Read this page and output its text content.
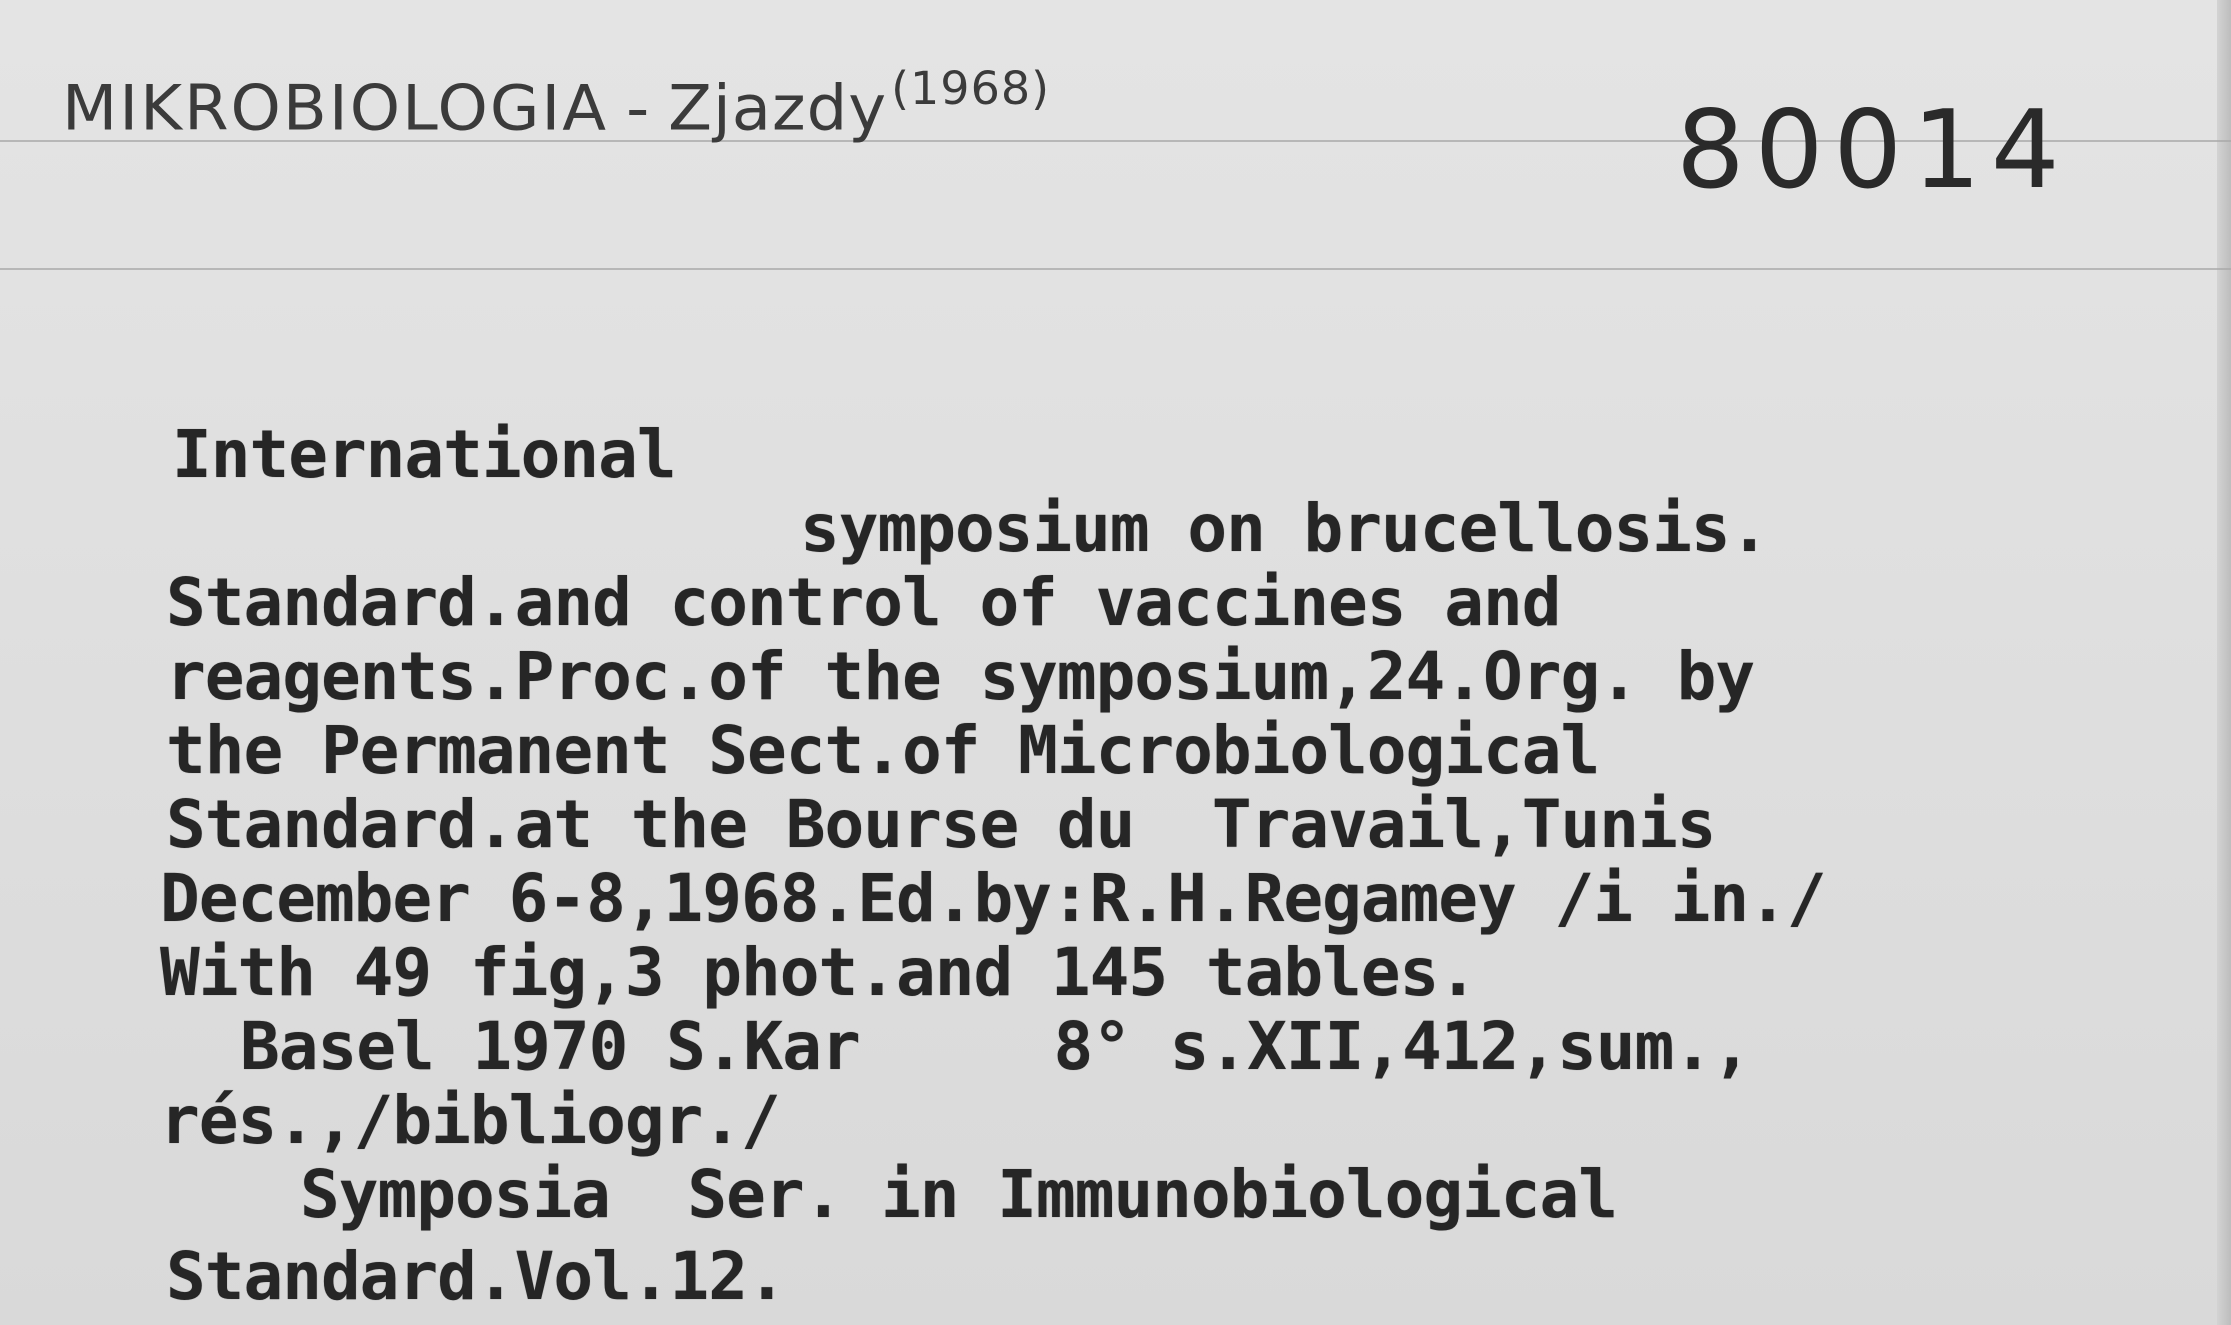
MIKROBIOLOGIA - Zjazdy$^{(1968)}$	80014
International
symposium on brucellosis.
Standard.and control of vaccines and
reagents.Proc.of the symposium,24.Org. by
the Permanent Sect.of Microbiological
Standard.at the Bourse du  Travail,Tunis
December 6-8,1968.Ed.by:R.H.Regamey /i in./
With 49 fig,3 phot.and 145 tables.
Basel 1970 S.Kar     8° s.XII,412,sum.,
rés.,/bibliogr./
Symposia  Ser. in Immunobiological
Standard.Vol.12.
